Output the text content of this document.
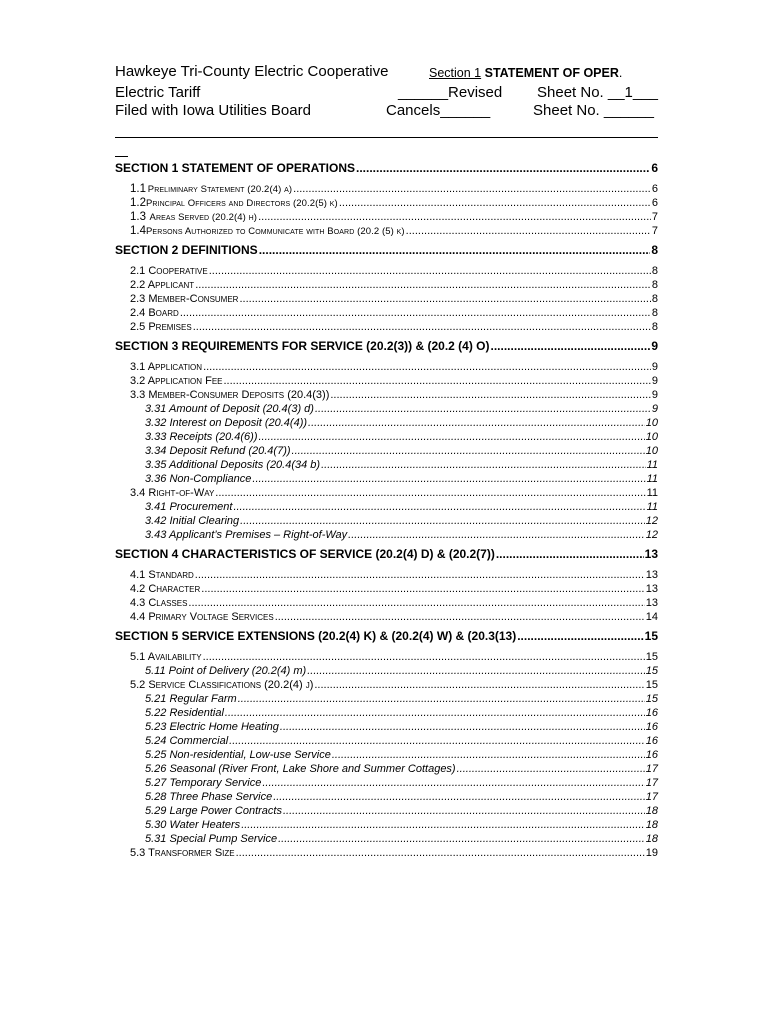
Hawkeye Tri-County Electric Cooperative
Electric Tariff
Filed with Iowa Utilities Board
Section 1 STATEMENT OF OPER.
______Revised Sheet No. __1___
Cancels______	Sheet No. ______
SECTION 1 STATEMENT OF OPERATIONS .....	6
1.1 Preliminary Statement (20.2(4) a) .....	6
1.2 Principal Officers and Directors (20.2(5) k) .....	6
1.3 Areas Served (20.2(4) h) .....	7
1.4 Persons Authorized to Communicate with Board (20.2 (5) k) .....	7
SECTION 2 DEFINITIONS .....	8
2.1 Cooperative .....	8
2.2 Applicant .....	8
2.3 Member-Consumer .....	8
2.4 Board .....	8
2.5 Premises .....	8
SECTION 3 REQUIREMENTS FOR SERVICE (20.2(3)) & (20.2 (4) O) .....	9
3.1 Application .....	9
3.2 Application Fee .....	9
3.3 Member-Consumer Deposits (20.4(3)) .....	9
3.31 Amount of Deposit (20.4(3) d) .....	9
3.32 Interest on Deposit (20.4(4)) .....	10
3.33 Receipts (20.4(6)) .....	10
3.34 Deposit Refund (20.4(7)) .....	10
3.35 Additional Deposits (20.4(34 b) .....	11
3.36 Non-Compliance .....	11
3.4 Right-of-Way .....	11
3.41 Procurement .....	11
3.42 Initial Clearing .....	12
3.43 Applicant’s Premises – Right-of-Way .....	12
SECTION 4 CHARACTERISTICS OF SERVICE (20.2(4) D) & (20.2(7)) .....	13
4.1 Standard .....	13
4.2 Character .....	13
4.3 Classes .....	13
4.4 Primary Voltage Services .....	14
SECTION 5 SERVICE EXTENSIONS (20.2(4) K) & (20.2(4) W) & (20.3(13) .....	15
5.1 Availability .....	15
5.11 Point of Delivery (20.2(4) m) .....	15
5.2 Service Classifications (20.2(4) j) .....	15
5.21 Regular Farm .....	15
5.22 Residential .....	16
5.23 Electric Home Heating .....	16
5.24 Commercial .....	16
5.25 Non-residential, Low-use Service .....	16
5.26 Seasonal (River Front, Lake Shore and Summer Cottages) .....	17
5.27 Temporary Service .....	17
5.28 Three Phase Service .....	17
5.29 Large Power Contracts .....	18
5.30 Water Heaters .....	18
5.31 Special Pump Service .....	18
5.3 Transformer Size .....	19
